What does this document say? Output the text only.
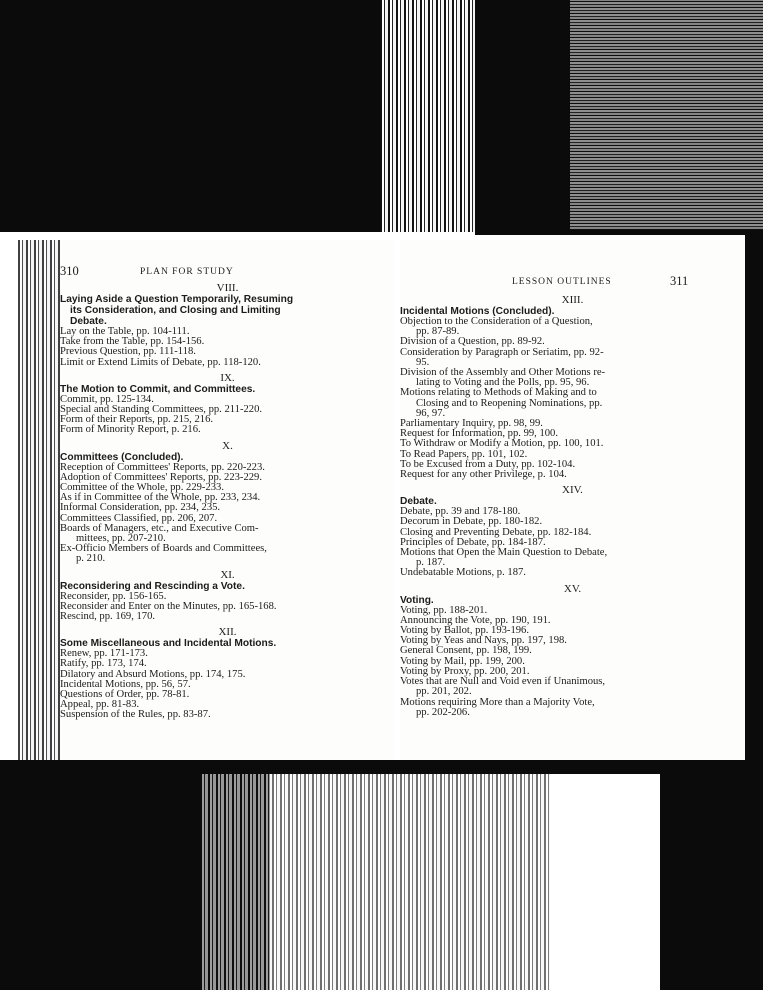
310	PLAN FOR STUDY

VIII.

Laying Aside a Question Temporarily, Resuming
its Consideration, and Closing and Limiting
Debate.

Lay on the Table, pp. 104-111.

Take from the Table, pp. 154-156.

Previous Question, pp. 111-118.

Limit or Extend Limits of Debate, pp. 118-120.

IX.

The Motion to Commit, and Committees.

Commit, pp. 125-134.

Special and Standing Committees, pp. 211-220.

Form of their Reports, pp. 215, 216.

Form of Minority Report, p. 216.

X.

Committees (Concluded).

Reception of Committees' Reports, pp. 220-223.

Adoption of Committees' Reports, pp. 223-229.

Committee of the Whole, pp. 229-233.

As if in Committee of the Whole, pp. 233, 234.

Informal Consideration, pp. 234, 235.

Committees Classified, pp. 206, 207.

Boards of Managers, etc., and Executive Com-
mittees, pp. 207-210.

Ex-Officio Members of Boards and Committees,
p. 210.

XI.

Reconsidering and Rescinding a Vote.

Reconsider, pp. 156-165.

Reconsider and Enter on the Minutes, pp. 165-168.

Rescind, pp. 169, 170.

XII.

Some Miscellaneous and Incidental Motions.

Renew, pp. 171-173.

Ratify, pp. 173, 174.

Dilatory and Absurd Motions, pp. 174, 175.

Incidental Motions, pp. 56, 57.

Questions of Order, pp. 78-81.

Appeal, pp. 81-83.

Suspension of the Rules, pp. 83-87.

LESSON OUTLINES	311

XIII.

Incidental Motions (Concluded).

Objection to the Consideration of a Question,
pp. 87-89.

Division of a Question, pp. 89-92.

Consideration by Paragraph or Seriatim, pp. 92-
95.

Division of the Assembly and Other Motions re-
lating to Voting and the Polls, pp. 95, 96.

Motions relating to Methods of Making and to
Closing and to Reopening Nominations, pp.
96, 97.

Parliamentary Inquiry, pp. 98, 99.

Request for Information, pp. 99, 100.

To Withdraw or Modify a Motion, pp. 100, 101.

To Read Papers, pp. 101, 102.

To be Excused from a Duty, pp. 102-104.

Request for any other Privilege, p. 104.

XIV.

Debate.

Debate, pp. 39 and 178-180.

Decorum in Debate, pp. 180-182.

Closing and Preventing Debate, pp. 182-184.

Principles of Debate, pp. 184-187.

Motions that Open the Main Question to Debate,
p. 187.

Undebatable Motions, p. 187.

XV.

Voting.

Voting, pp. 188-201.

Announcing the Vote, pp. 190, 191.

Voting by Ballot, pp. 193-196.

Voting by Yeas and Nays, pp. 197, 198.

General Consent, pp. 198, 199.

Voting by Mail, pp. 199, 200.

Voting by Proxy, pp. 200, 201.

Votes that are Null and Void even if Unanimous,
pp. 201, 202.

Motions requiring More than a Majority Vote,
pp. 202-206.
